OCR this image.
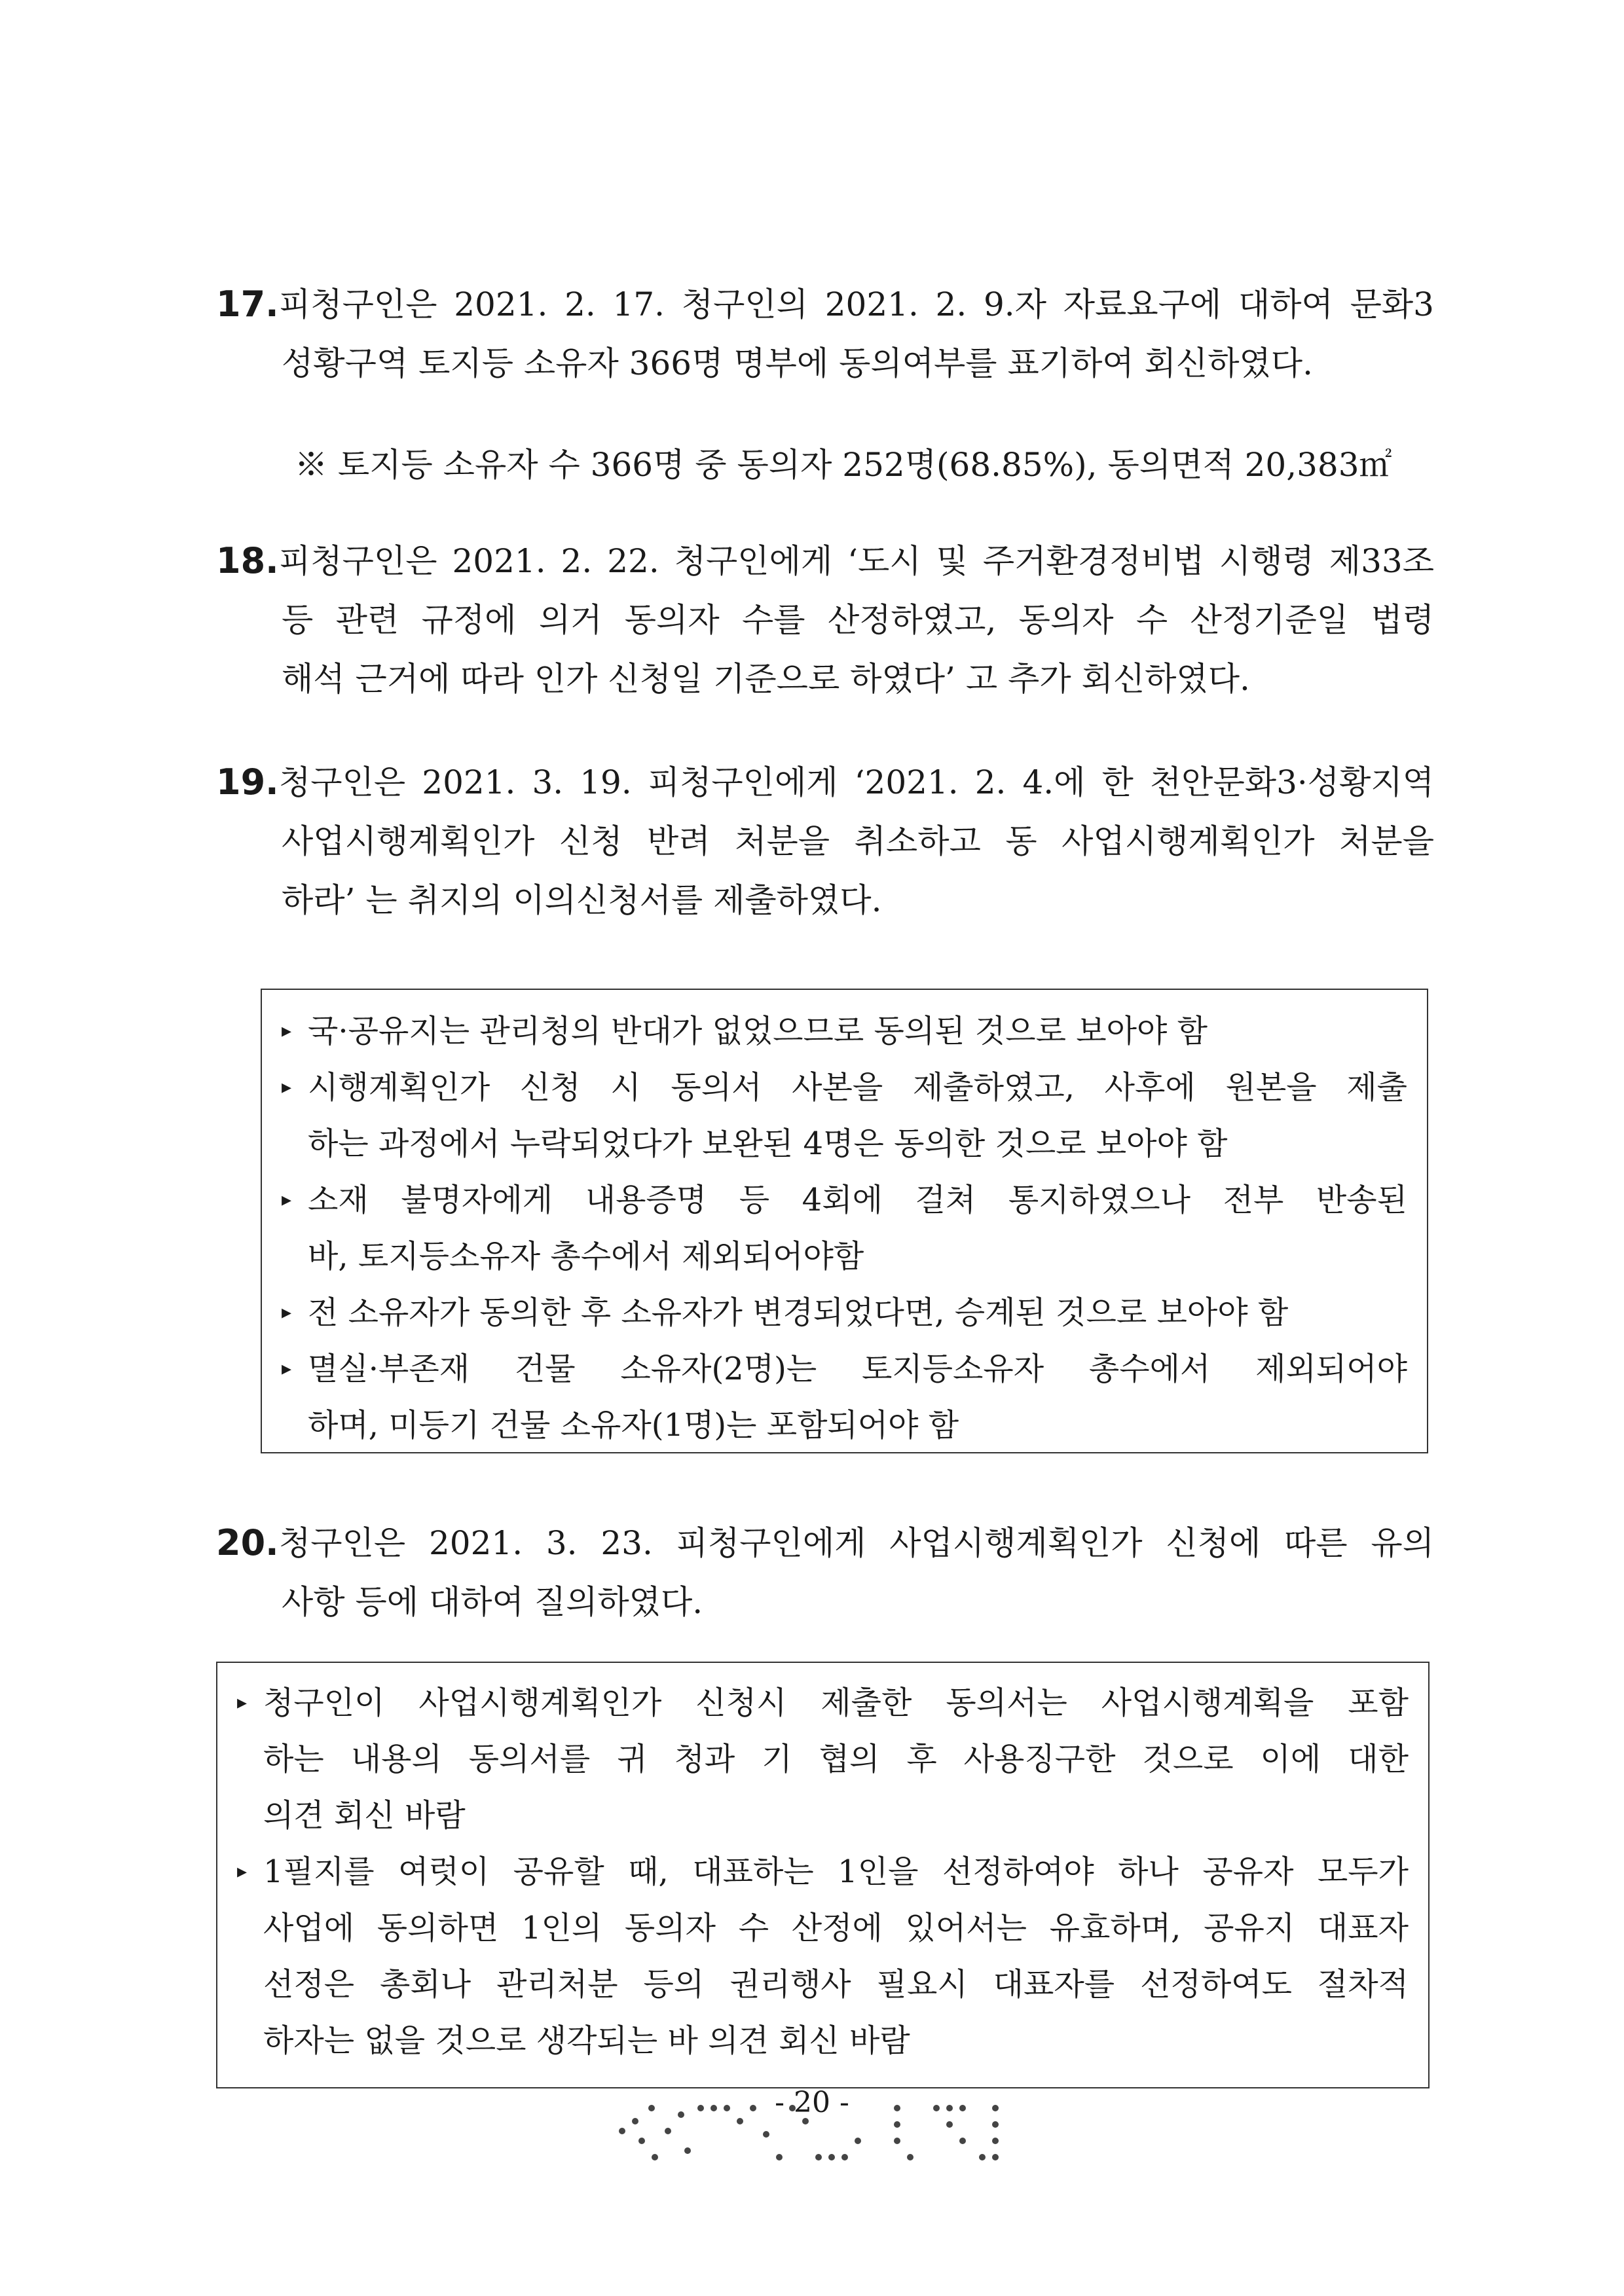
17. 피청구인은 2021. 2. 17. 청구인의 2021. 2. 9.자 자료요구에 대하여 문화3
성황구역 토지등 소유자 366명 명부에 동의여부를 표기하여 회신하였다.
※ 토지등 소유자 수 366명 중 동의자 252명(68.85%), 동의면적 20,383㎡
18. 피청구인은 2021. 2. 22. 청구인에게 ‘도시 및 주거환경정비법 시행령 제33조
등 관련 규정에 의거 동의자 수를 산정하였고, 동의자 수 산정기준일 법령
해석 근거에 따라 인가 신청일 기준으로 하였다’ 고 추가 회신하였다.
19. 청구인은 2021. 3. 19. 피청구인에게 ‘2021. 2. 4.에 한 천안문화3·성황지역
사업시행계획인가 신청 반려 처분을 취소하고 동 사업시행계획인가 처분을
하라’ 는 취지의 이의신청서를 제출하였다.
▸ 국·공유지는 관리청의 반대가 없었으므로 동의된 것으로 보아야 함
▸ 시행계획인가 신청 시 동의서 사본을 제출하였고, 사후에 원본을 제출
하는 과정에서 누락되었다가 보완된 4명은 동의한 것으로 보아야 함
▸ 소재 불명자에게 내용증명 등 4회에 걸쳐 통지하였으나 전부 반송된
바, 토지등소유자 총수에서 제외되어야함
▸ 전 소유자가 동의한 후 소유자가 변경되었다면, 승계된 것으로 보아야 함
▸ 멸실·부존재 건물 소유자(2명)는 토지등소유자 총수에서 제외되어야
하며, 미등기 건물 소유자(1명)는 포함되어야 함
20. 청구인은 2021. 3. 23. 피청구인에게 사업시행계획인가 신청에 따른 유의
사항 등에 대하여 질의하였다.
▸ 청구인이 사업시행계획인가 신청시 제출한 동의서는 사업시행계획을 포함
하는 내용의 동의서를 귀 청과 기 협의 후 사용징구한 것으로 이에 대한
의견 회신 바람
▸ 1필지를 여럿이 공유할 때, 대표하는 1인을 선정하여야 하나 공유자 모두가
사업에 동의하면 1인의 동의자 수 산정에 있어서는 유효하며, 공유지 대표자
선정은 총회나 관리처분 등의 권리행사 필요시 대표자를 선정하여도 절차적
하자는 없을 것으로 생각되는 바 의견 회신 바람
- 20 -
